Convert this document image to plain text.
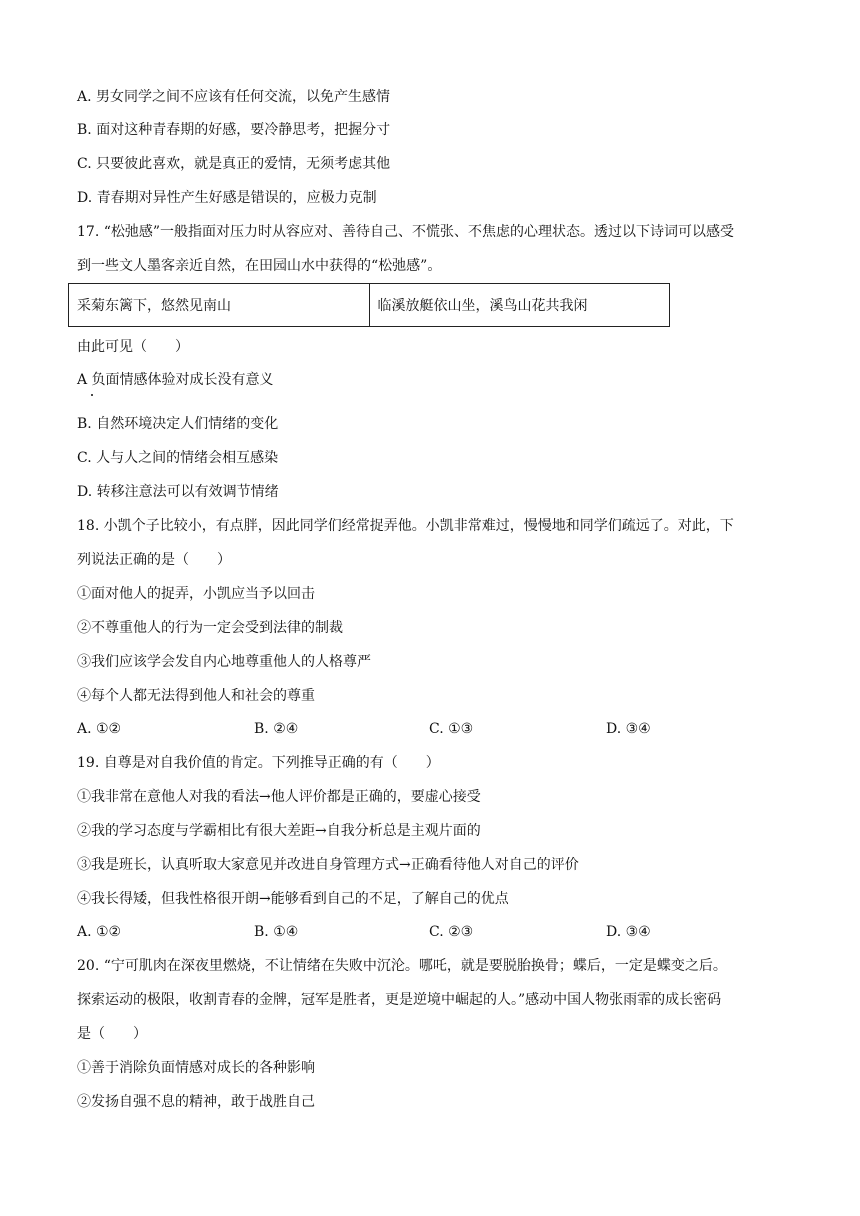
A. 男女同学之间不应该有任何交流，以免产生感情
B. 面对这种青春期的好感，要冷静思考，把握分寸
C. 只要彼此喜欢，就是真正的爱情，无须考虑其他
D. 青春期对异性产生好感是错误的，应极力克制
17. “松弛感”一般指面对压力时从容应对、善待自己、不慌张、不焦虑的心理状态。透过以下诗词可以感受
到一些文人墨客亲近自然，在田园山水中获得的“松弛感”。
采菊东篱下，悠然见南山	临溪放艇依山坐，溪鸟山花共我闲
由此可见（　　）
A 负面情感体验对成长没有意义
B. 自然环境决定人们情绪的变化
C. 人与人之间的情绪会相互感染
D. 转移注意法可以有效调节情绪
18. 小凯个子比较小，有点胖，因此同学们经常捉弄他。小凯非常难过，慢慢地和同学们疏远了。对此，下
列说法正确的是（　　）
①面对他人的捉弄，小凯应当予以回击
②不尊重他人的行为一定会受到法律的制裁
③我们应该学会发自内心地尊重他人的人格尊严
④每个人都无法得到他人和社会的尊重
A. ①②	B. ②④	C. ①③	D. ③④
19. 自尊是对自我价值的肯定。下列推导正确的有（　　）
①我非常在意他人对我的看法→他人评价都是正确的，要虚心接受
②我的学习态度与学霸相比有很大差距→自我分析总是主观片面的
③我是班长，认真听取大家意见并改进自身管理方式→正确看待他人对自己的评价
④我长得矮，但我性格很开朗→能够看到自己的不足，了解自己的优点
A. ①②	B. ①④	C. ②③	D. ③④
20. “宁可肌肉在深夜里燃烧，不让情绪在失败中沉沦。哪吒，就是要脱胎换骨；蝶后，一定是蝶变之后。
探索运动的极限，收割青春的金牌，冠军是胜者，更是逆境中崛起的人。”感动中国人物张雨霏的成长密码
是（　　）
①善于消除负面情感对成长的各种影响
②发扬自强不息的精神，敢于战胜自己
